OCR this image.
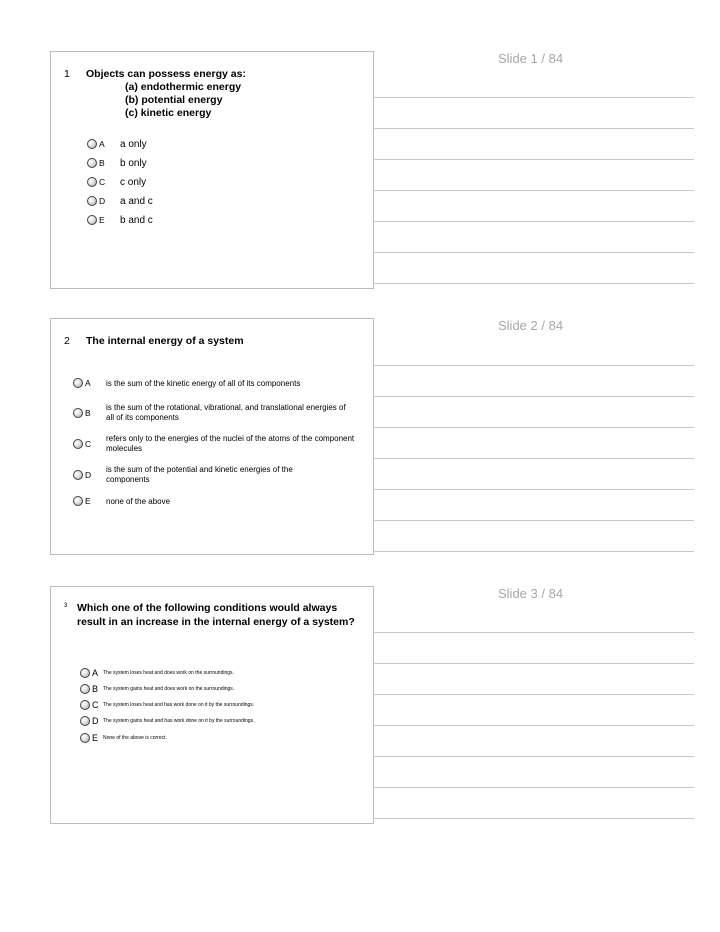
Slide 1 / 84
1 Objects can possess energy as:
(a) endothermic energy
(b) potential energy
(c) kinetic energy
A a only
B b only
C c only
D a and c
E b and c
Slide 2 / 84
2 The internal energy of a system
A is the sum of the kinetic energy of all of its components
B
is the sum of the rotational, vibrational, and translational energies of all of its components
C
refers only to the energies of the nuclei of the atoms of the component molecules
D
is the sum of the potential and kinetic energies of the components
E none of the above
Slide 3 / 84
3 Which one of the following conditions would always result in an increase in the internal energy of a system?
A The system loses heat and does work on the surroundings.
B The system gains heat and does work on the surroundings.
C The system loses heat and has work done on it by the surroundings.
D The system gains heat and has work done on it by the surroundings.
E None of the above is correct.
